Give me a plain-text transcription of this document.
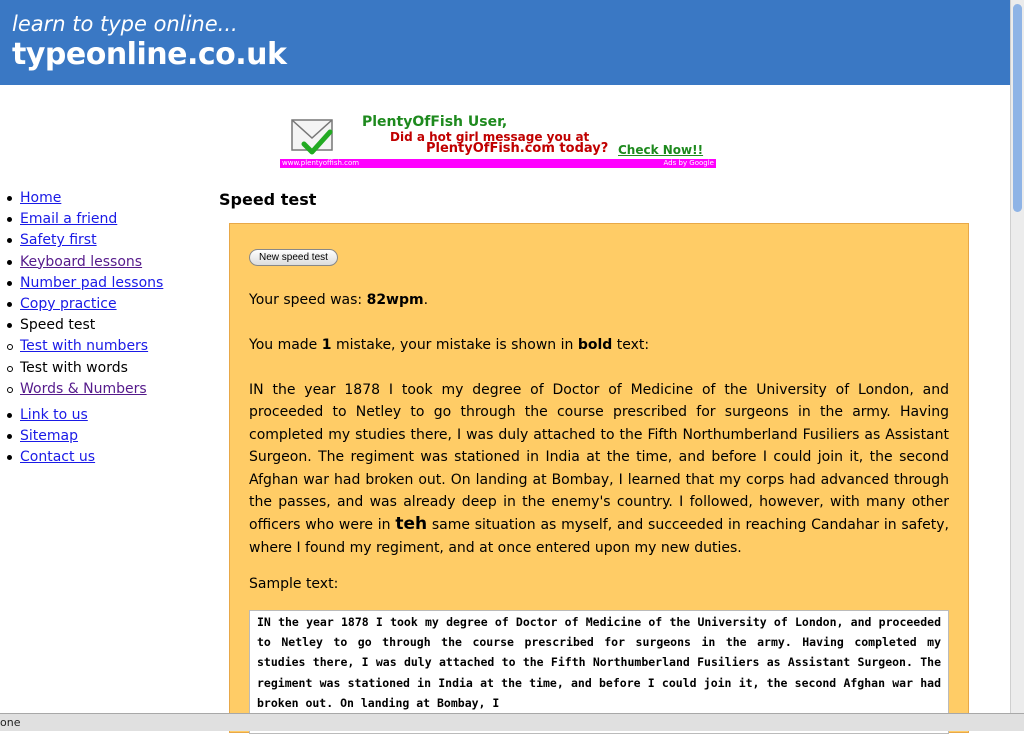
learn to type online...
typeonline.co.uk
PlentyOfFish User,
Did a hot girl message you at
PlentyOfFish.com today? Check Now!!
www.plentyoffish.com	Ads by Google
Home
Email a friend
Safety first
Keyboard lessons
Number pad lessons
Copy practice
Speed test
Test with numbers
Test with words
Words & Numbers
Link to us
Sitemap
Contact us
Speed test
New speed test
Your speed was: 82wpm.
You made 1 mistake, your mistake is shown in bold text:

IN the year 1878 I took my degree of Doctor of Medicine of the University of London, and proceeded to Netley to go through the course prescribed for surgeons in the army. Having completed my studies there, I was duly attached to the Fifth Northumberland Fusiliers as Assistant Surgeon. The regiment was stationed in India at the time, and before I could join it, the second Afghan war had broken out. On landing at Bombay, I learned that my corps had advanced through the passes, and was already deep in the enemy's country. I followed, however, with many other officers who were in teh same situation as myself, and succeeded in reaching Candahar in safety, where I found my regiment, and at once entered upon my new duties.

Sample text:
IN the year 1878 I took my degree of Doctor of Medicine of the University of London, and proceeded to Netley to go through the course prescribed for surgeons in the army. Having completed my studies there, I was duly attached to the Fifth Northumberland Fusiliers as Assistant Surgeon. The regiment was stationed in India at the time, and before I could join it, the second Afghan war had broken out. On landing at Bombay, I
one
